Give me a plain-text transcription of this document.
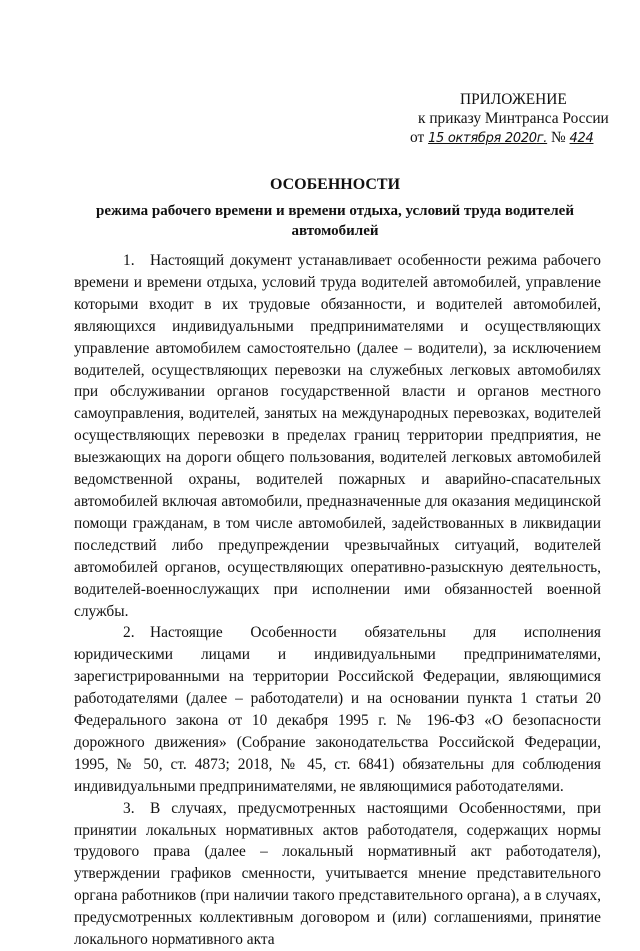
ПРИЛОЖЕНИЕ
к приказу Минтранса России
от 15 октября 2020г. № 424
ОСОБЕННОСТИ
режима рабочего времени и времени отдыха, условий труда водителей автомобилей

1. Настоящий документ устанавливает особенности режима рабочего времени и времени отдыха, условий труда водителей автомобилей, управление которыми входит в их трудовые обязанности, и водителей автомобилей, являющихся индивидуальными предпринимателями и осуществляющих управление автомобилем самостоятельно (далее – водители), за исключением водителей, осуществляющих перевозки на служебных легковых автомобилях при обслуживании органов государственной власти и органов местного самоуправления, водителей, занятых на международных перевозках, водителей осуществляющих перевозки в пределах границ территории предприятия, не выезжающих на дороги общего пользования, водителей легковых автомобилей ведомственной охраны, водителей пожарных и аварийно-спасательных автомобилей включая автомобили, предназначенные для оказания медицинской помощи гражданам, в том числе автомобилей, задействованных в ликвидации последствий либо предупреждении чрезвычайных ситуаций, водителей автомобилей органов, осуществляющих оперативно-разыскную деятельность, водителей-военнослужащих при исполнении ими обязанностей военной службы.

2. Настоящие Особенности обязательны для исполнения юридическими лицами и индивидуальными предпринимателями, зарегистрированными на территории Российской Федерации, являющимися работодателями (далее – работодатели) и на основании пункта 1 статьи 20 Федерального закона от 10 декабря 1995 г. № 196-ФЗ «О безопасности дорожного движения» (Собрание законодательства Российской Федерации, 1995, № 50, ст. 4873; 2018, № 45, ст. 6841) обязательны для соблюдения индивидуальными предпринимателями, не являющимися работодателями.

3. В случаях, предусмотренных настоящими Особенностями, при принятии локальных нормативных актов работодателя, содержащих нормы трудового права (далее – локальный нормативный акт работодателя), утверждении графиков сменности, учитывается мнение представительного органа работников (при наличии такого представительного органа), а в случаях, предусмотренных коллективным договором и (или) соглашениями, принятие локального нормативного акта
